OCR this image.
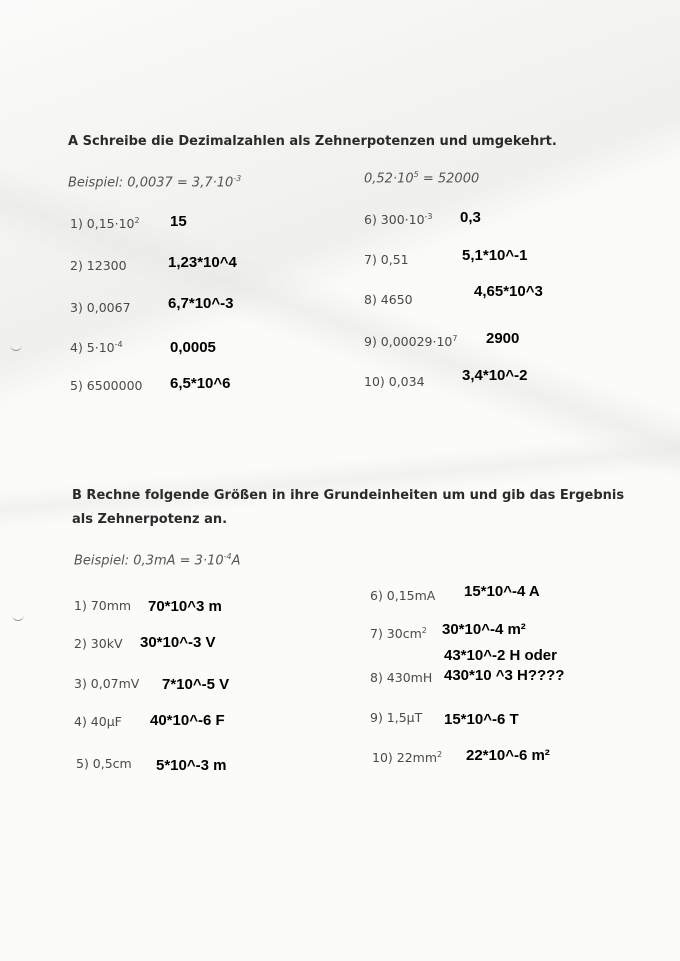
A Schreibe die Dezimalzahlen als Zehnerpotenzen und umgekehrt.
Beispiel: $0,0037 = 3,7\cdot 10^{-3}$	$0,52\cdot 10^5 = 52000$
1) $0,15\cdot 10^2$ 15
2) 12300	1,23*10^4
3) 0,0067 6,7*10^-3
4) $5\cdot 10^{-4}$	0,0005
5) 6500000 6,5*10^6
6) $300\cdot 10^{-3}$ 0,3
7) 0,51	5,1*10^-1
8) 4650	4,65*10^3
9) $0,00029\cdot 10^7$ 2900
10) 0,034 3,4*10^-2
B Rechne folgende Größen in ihre Grundeinheiten um und gib das Ergebnis
als Zehnerpotenz an.
Beispiel: $0,3mA = 3\cdot 10^{-4}A$
1) 70mm 70*10^3 m
2) 30kV 30*10^-3 V
3) 0,07mV 7*10^-5 V
4) 40µF 40*10^-6 F
5) 0,5cm 5*10^-3 m
6) 0,15mA 15*10^-4 A
7) $30cm^2$ 30*10^-4 m²
8) 430mH
43*10^-2 H oder 430*10 ^3 H????
9) 1,5µT 15*10^-6 T
10) $22mm^2$ 22*10^-6 m²
